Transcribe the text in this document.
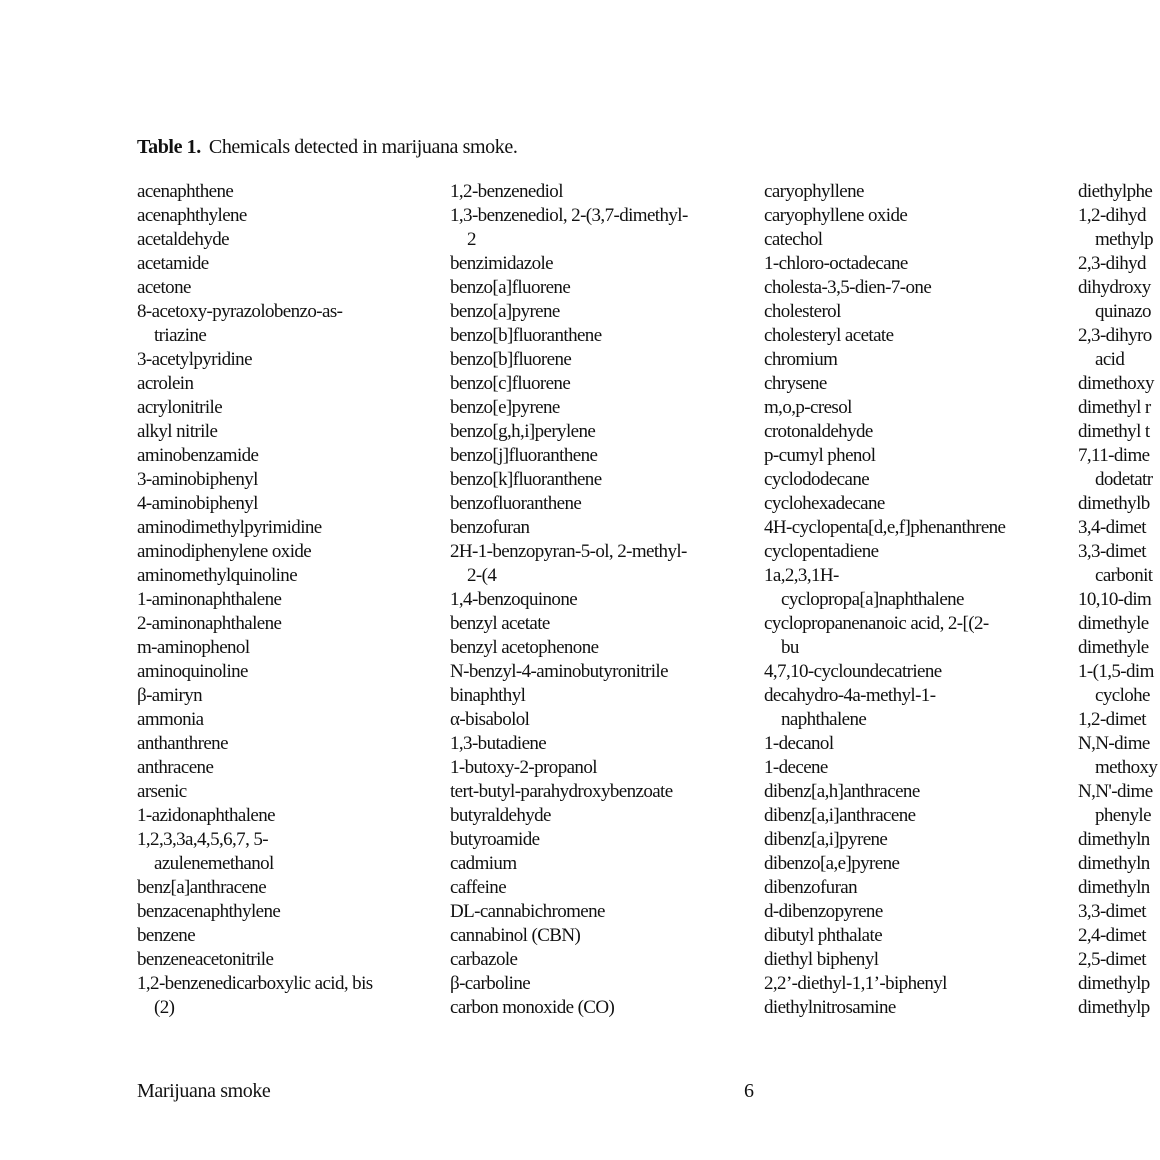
Table 1. Chemicals detected in marijuana smoke.
acenaphthene
acenaphthylene
acetaldehyde
acetamide
acetone
8-acetoxy-pyrazolobenzo-as-
triazine
3-acetylpyridine
acrolein
acrylonitrile
alkyl nitrile
aminobenzamide
3-aminobiphenyl
4-aminobiphenyl
aminodimethylpyrimidine
aminodiphenylene oxide
aminomethylquinoline
1-aminonaphthalene
2-aminonaphthalene
m-aminophenol
aminoquinoline
β-amiryn
ammonia
anthanthrene
anthracene
arsenic
1-azidonaphthalene
1,2,3,3a,4,5,6,7, 5-
azulenemethanol
benz[a]anthracene
benzacenaphthylene
benzene
benzeneacetonitrile
1,2-benzenedicarboxylic acid, bis
(2)
1,2-benzenediol
1,3-benzenediol, 2-(3,7-dimethyl-
2
benzimidazole
benzo[a]fluorene
benzo[a]pyrene
benzo[b]fluoranthene
benzo[b]fluorene
benzo[c]fluorene
benzo[e]pyrene
benzo[g,h,i]perylene
benzo[j]fluoranthene
benzo[k]fluoranthene
benzofluoranthene
benzofuran
2H-1-benzopyran-5-ol, 2-methyl-
2-(4
1,4-benzoquinone
benzyl acetate
benzyl acetophenone
N-benzyl-4-aminobutyronitrile
binaphthyl
α-bisabolol
1,3-butadiene
1-butoxy-2-propanol
tert-butyl-parahydroxybenzoate
butyraldehyde
butyroamide
cadmium
caffeine
DL-cannabichromene
cannabinol (CBN)
carbazole
β-carboline
carbon monoxide (CO)
caryophyllene
caryophyllene oxide
catechol
1-chloro-octadecane
cholesta-3,5-dien-7-one
cholesterol
cholesteryl acetate
chromium
chrysene
m,o,p-cresol
crotonaldehyde
p-cumyl phenol
cyclododecane
cyclohexadecane
4H-cyclopenta[d,e,f]phenanthrene
cyclopentadiene
1a,2,3,1H-
cyclopropa[a]naphthalene
cyclopropanenanoic acid, 2-[(2-
bu
4,7,10-cycloundecatriene
decahydro-4a-methyl-1-
naphthalene
1-decanol
1-decene
dibenz[a,h]anthracene
dibenz[a,i]anthracene
dibenz[a,i]pyrene
dibenzo[a,e]pyrene
dibenzofuran
d-dibenzopyrene
dibutyl phthalate
diethyl biphenyl
2,2’-diethyl-1,1’-biphenyl
diethylnitrosamine
diethylphe
1,2-dihyd
methylp
2,3-dihyd
dihydroxy
quinazo
2,3-dihyro
acid
dimethoxy
dimethyl r
dimethyl t
7,11-dime
dodetatr
dimethylb
3,4-dimet
3,3-dimet
carbonit
10,10-dim
dimethyle
dimethyle
1-(1,5-dim
cyclohe
1,2-dimet
N,N-dime
methoxy
N,N'-dime
phenyle
dimethyln
dimethyln
dimethyln
3,3-dimet
2,4-dimet
2,5-dimet
dimethylp
dimethylp
Marijuana smoke	6
